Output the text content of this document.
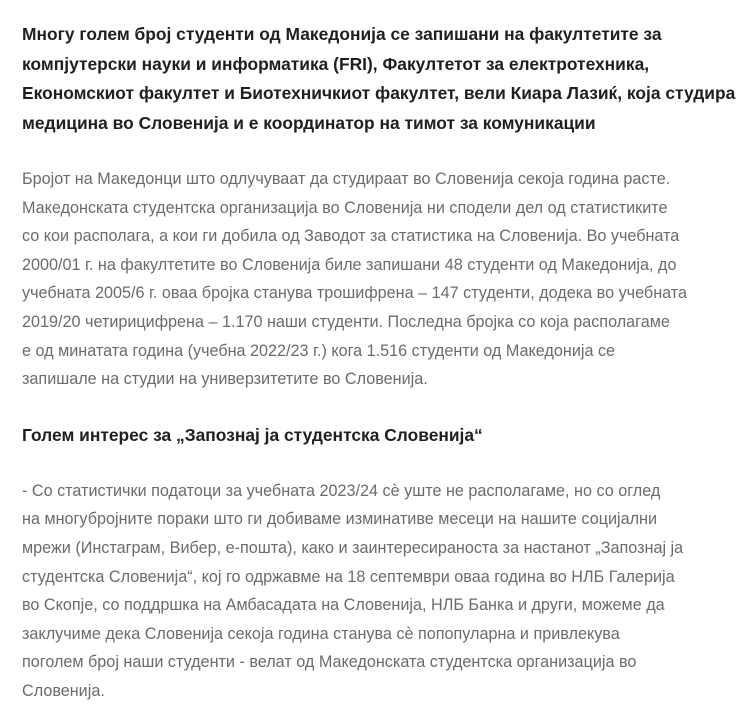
Многу голем број студенти од Македонија се запишани на факултетите за
компјутерски науки и информатика (FRI), Факултетот за електротехника,
Економскиот факултет и Биотехничкиот факултет, вели Киара Лазиќ, која студира
медицина во Словенија и е координатор на тимот за комуникации

Бројот на Македонци што одлучуваат да студираат во Словенија секоја година расте.
Македонската студентска организација во Словенија ни сподели дел од статистиките
со кои располага, а кои ги добила од Заводот за статистика на Словенија. Во учебната
2000/01 г. на факултетите во Словенија биле запишани 48 студенти од Македонија, до
учебната 2005/6 г. оваа бројка станува трошифрена – 147 студенти, додека во учебната
2019/20 четирицифрена – 1.170 наши студенти. Последна бројка со која располагаме
е од минатата година (учебна 2022/23 г.) кога 1.516 студенти од Македонија се
запишале на студии на универзитетите во Словенија.

Голем интерес за „Запознај ја студентска Словенија“

- Со статистички податоци за учебната 2023/24 сѐ уште не располагаме, но со оглед
на многубројните пораки што ги добиваме изминативе месеци на нашите социјални
мрежи (Инстаграм, Вибер, е-пошта), како и заинтересираноста за настанот „Запознај ја
студентска Словенија“, кој го одржавме на 18 септември оваа година во НЛБ Галерија
во Скопје, со поддршка на Амбасадата на Словенија, НЛБ Банка и други, можеме да
заклучиме дека Словенија секоја година станува сѐ попопуларна и привлекува
поголем број наши студенти - велат од Македонската студентска организација во
Словенија.
